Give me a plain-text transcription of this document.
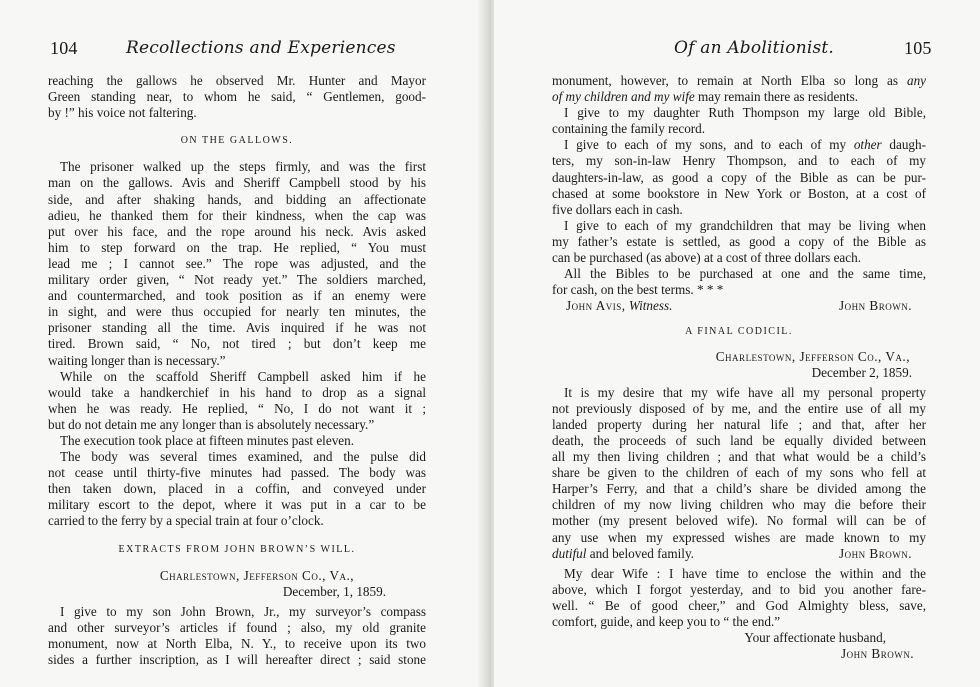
104	Recollections and Experiences
reaching the gallows he observed Mr. Hunter and Mayor
Green standing near, to whom he said, “ Gentlemen, good-
by !” his voice not faltering.
ON THE GALLOWS.
The prisoner walked up the steps firmly, and was the first
man on the gallows. Avis and Sheriff Campbell stood by his
side, and after shaking hands, and bidding an affectionate
adieu, he thanked them for their kindness, when the cap was
put over his face, and the rope around his neck. Avis asked
him to step forward on the trap. He replied, “ You must
lead me ; I cannot see.” The rope was adjusted, and the
military order given, “ Not ready yet.” The soldiers marched,
and countermarched, and took position as if an enemy were
in sight, and were thus occupied for nearly ten minutes, the
prisoner standing all the time. Avis inquired if he was not
tired. Brown said, “ No, not tired ; but don’t keep me
waiting longer than is necessary.”
While on the scaffold Sheriff Campbell asked him if he
would take a handkerchief in his hand to drop as a signal
when he was ready. He replied, “ No, I do not want it ;
but do not detain me any longer than is absolutely necessary.”
The execution took place at fifteen minutes past eleven.
The body was several times examined, and the pulse did
not cease until thirty-five minutes had passed. The body was
then taken down, placed in a coffin, and conveyed under
military escort to the depot, where it was put in a car to be
carried to the ferry by a special train at four o’clock.
EXTRACTS FROM JOHN BROWN’S WILL.
Charlestown, Jefferson Co., Va.,
December, 1, 1859.
I give to my son John Brown, Jr., my surveyor’s compass
and other surveyor’s articles if found ; also, my old granite
monument, now at North Elba, N. Y., to receive upon its two
sides a further inscription, as I will hereafter direct ; said stone
Of an Abolitionist.	105
monument, however, to remain at North Elba so long as any
of my children and my wife may remain there as residents.
I give to my daughter Ruth Thompson my large old Bible,
containing the family record.
I give to each of my sons, and to each of my other daugh-
ters, my son-in-law Henry Thompson, and to each of my
daughters-in-law, as good a copy of the Bible as can be pur-
chased at some bookstore in New York or Boston, at a cost of
five dollars each in cash.
I give to each of my grandchildren that may be living when
my father’s estate is settled, as good a copy of the Bible as
can be purchased (as above) at a cost of three dollars each.
All the Bibles to be purchased at one and the same time,
for cash, on the best terms. * * *
John Avis, Witness.	John Brown.
A FINAL CODICIL.
Charlestown, Jefferson Co., Va.,
December 2, 1859.
It is my desire that my wife have all my personal property
not previously disposed of by me, and the entire use of all my
landed property during her natural life ; and that, after her
death, the proceeds of such land be equally divided between
all my then living children ; and that what would be a child’s
share be given to the children of each of my sons who fell at
Harper’s Ferry, and that a child’s share be divided among the
children of my now living children who may die before their
mother (my present beloved wife). No formal will can be of
any use when my expressed wishes are made known to my
dutiful and beloved family.	John Brown.
My dear Wife : I have time to enclose the within and the
above, which I forgot yesterday, and to bid you another fare-
well. “ Be of good cheer,” and God Almighty bless, save,
comfort, guide, and keep you to “ the end.”
Your affectionate husband,
John Brown.
